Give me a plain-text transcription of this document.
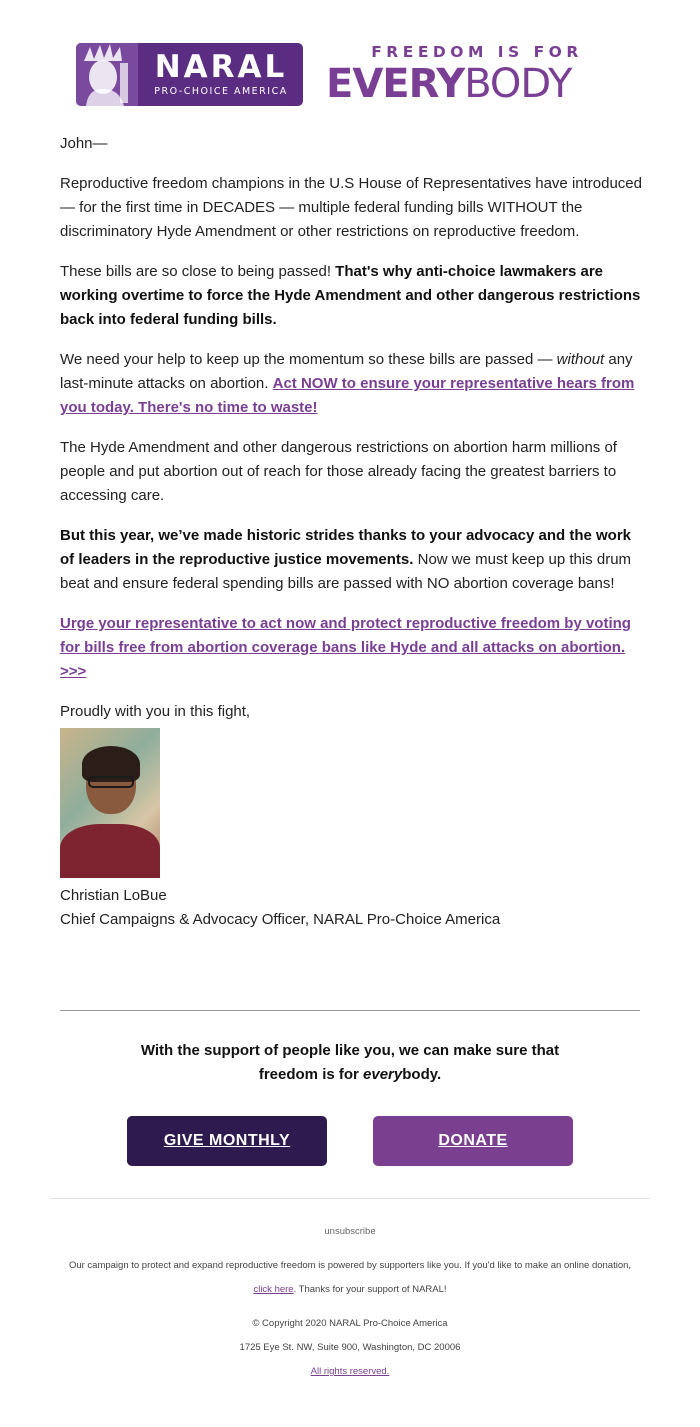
NARAL
PRO-CHOICE AMERICA
FREEDOM IS FOR
EVERYBODY

John—

Reproductive freedom champions in the U.S House of Representatives have introduced — for the first time in DECADES — multiple federal funding bills WITHOUT the discriminatory Hyde Amendment or other restrictions on reproductive freedom.

These bills are so close to being passed! That's why anti-choice lawmakers are working overtime to force the Hyde Amendment and other dangerous restrictions back into federal funding bills.

We need your help to keep up the momentum so these bills are passed — without any last-minute attacks on abortion. Act NOW to ensure your representative hears from you today. There's no time to waste!

The Hyde Amendment and other dangerous restrictions on abortion harm millions of people and put abortion out of reach for those already facing the greatest barriers to accessing care.

But this year, we’ve made historic strides thanks to your advocacy and the work of leaders in the reproductive justice movements. Now we must keep up this drum beat and ensure federal spending bills are passed with NO abortion coverage bans!

Urge your representative to act now and protect reproductive freedom by voting for bills free from abortion coverage bans like Hyde and all attacks on abortion. >>>

Proudly with you in this fight,

Christian LoBue
Chief Campaigns & Advocacy Officer, NARAL Pro-Choice America
With the support of people like you, we can make sure that
freedom is for everybody.
GIVE MONTHLY	DONATE
unsubscribe
Our campaign to protect and expand reproductive freedom is powered by supporters like you. If you'd like to make an online donation, click here. Thanks for your support of NARAL!
© Copyright 2020 NARAL Pro-Choice America
1725 Eye St. NW, Suite 900, Washington, DC 20006
All rights reserved.
